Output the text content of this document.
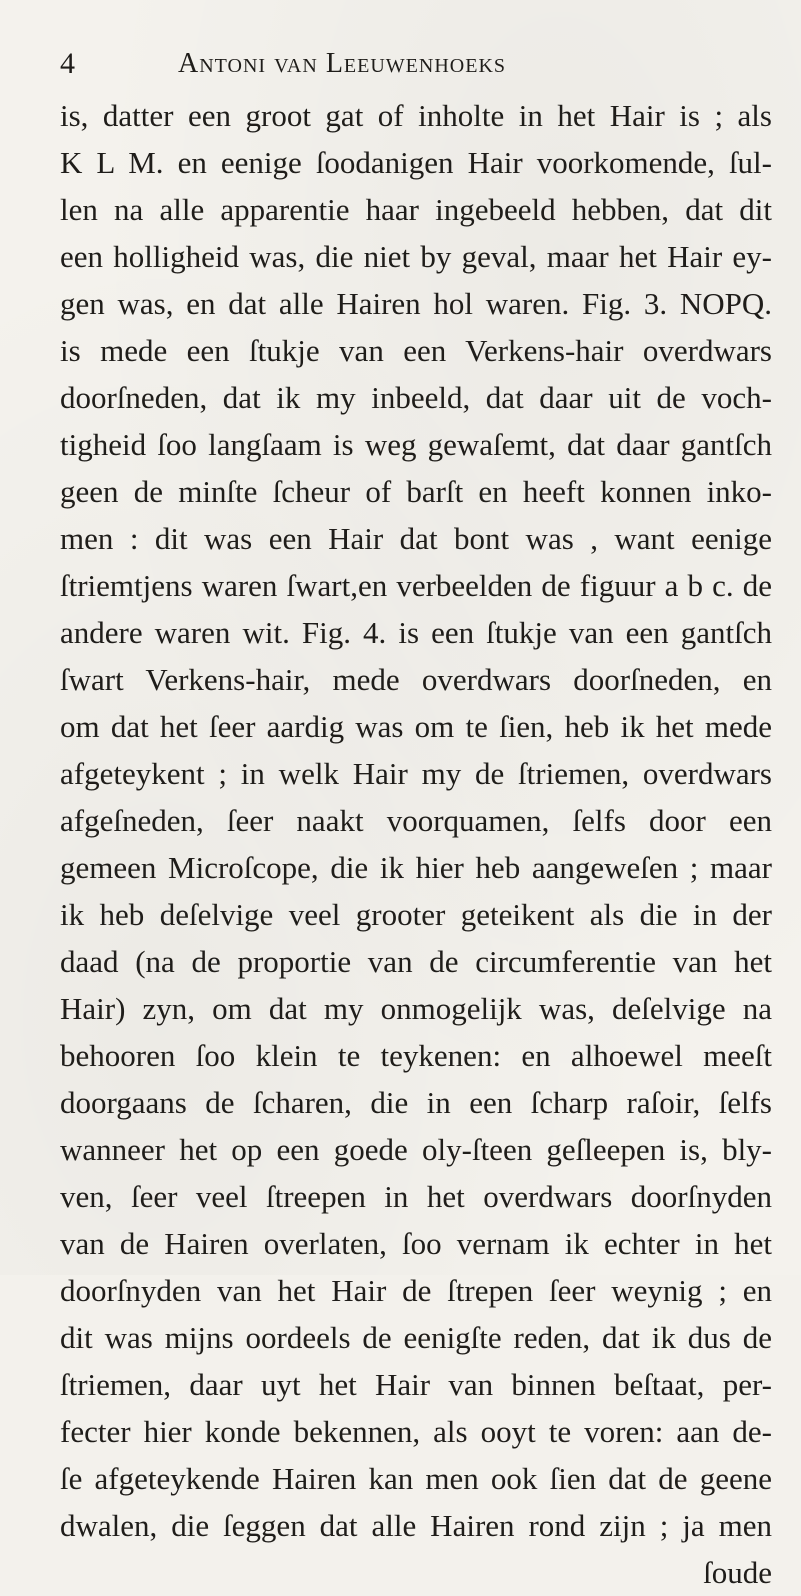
4	Antoni van Leeuwenhoeks
is, datter een groot gat of inholte in het Hair is ; als
K L M. en eenige ſoodanigen Hair voorkomende, ſul-
len na alle apparentie haar ingebeeld hebben, dat dit
een holligheid was, die niet by geval, maar het Hair ey-
gen was, en dat alle Hairen hol waren. Fig. 3. NOPQ.
is mede een ſtukje van een Verkens-hair overdwars
doorſneden, dat ik my inbeeld, dat daar uit de voch-
tigheid ſoo langſaam is weg gewaſemt, dat daar gantſch
geen de minſte ſcheur of barſt en heeft konnen inko-
men : dit was een Hair dat bont was , want eenige
ſtriemtjens waren ſwart,en verbeelden de figuur a b c. de
andere waren wit. Fig. 4. is een ſtukje van een gantſch
ſwart Verkens-hair, mede overdwars doorſneden, en
om dat het ſeer aardig was om te ſien, heb ik het mede
afgeteykent ; in welk Hair my de ſtriemen, overdwars
afgeſneden, ſeer naakt voorquamen, ſelfs door een
gemeen Microſcope, die ik hier heb aangeweſen ; maar
ik heb deſelvige veel grooter geteikent als die in der
daad (na de proportie van de circumferentie van het
Hair) zyn, om dat my onmogelijk was, deſelvige na
behooren ſoo klein te teykenen: en alhoewel meeſt
doorgaans de ſcharen, die in een ſcharp raſoir, ſelfs
wanneer het op een goede oly-ſteen geſleepen is, bly-
ven, ſeer veel ſtreepen in het overdwars doorſnyden
van de Hairen overlaten, ſoo vernam ik echter in het
doorſnyden van het Hair de ſtrepen ſeer weynig ; en
dit was mijns oordeels de eenigſte reden, dat ik dus de
ſtriemen, daar uyt het Hair van binnen beſtaat, per-
fecter hier konde bekennen, als ooyt te voren: aan de-
ſe afgeteykende Hairen kan men ook ſien dat de geene
dwalen, die ſeggen dat alle Hairen rond zijn ; ja men
ſoude
